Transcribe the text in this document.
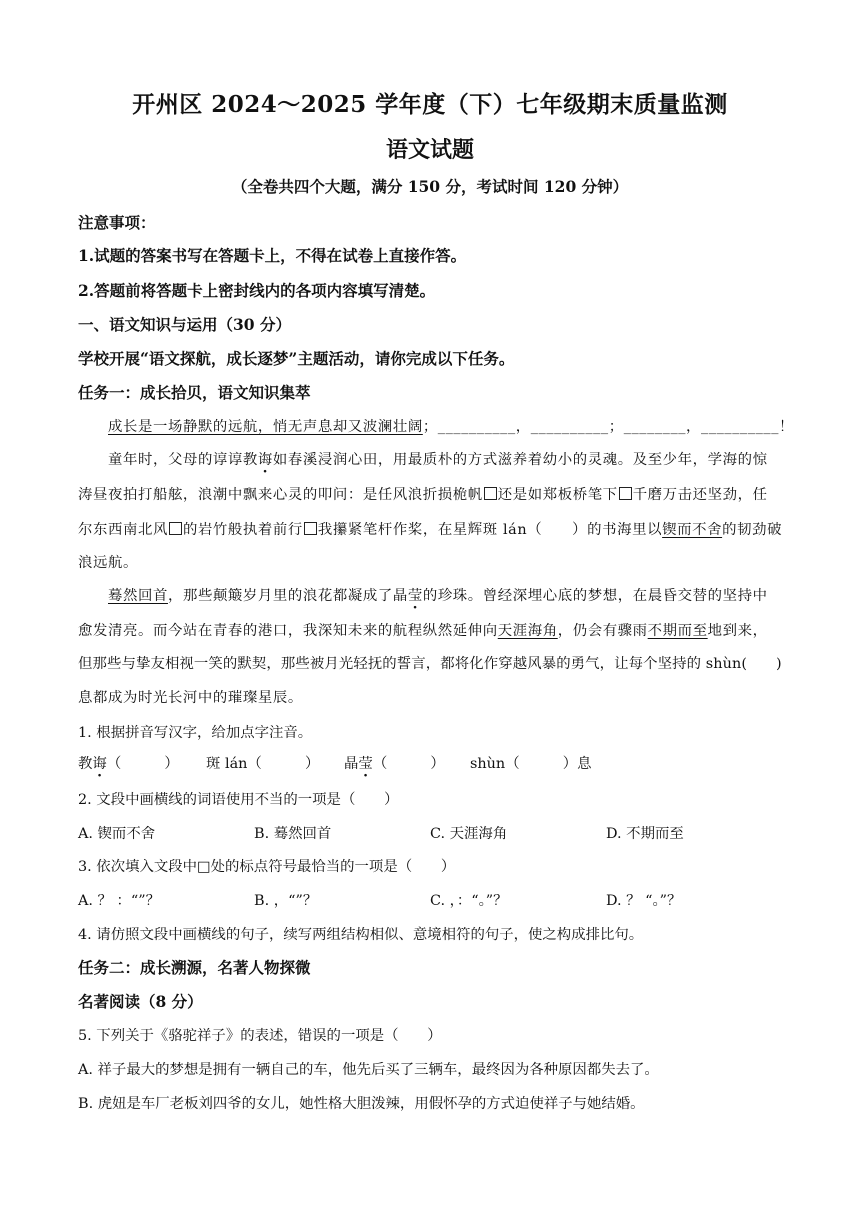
开州区 2024～2025 学年度（下）七年级期末质量监测
语文试题
（全卷共四个大题，满分 150 分，考试时间 120 分钟）
注意事项：
1.试题的答案书写在答题卡上，不得在试卷上直接作答。
2.答题前将答题卡上密封线内的各项内容填写清楚。
一、语文知识与运用（30 分）
学校开展“语文探航，成长逐梦”主题活动，请你完成以下任务。
任务一：成长拾贝，语文知识集萃
成长是一场静默的远航，悄无声息却又波澜壮阔；__________，__________；________，__________！
童年时，父母的谆谆教诲如春溪浸润心田，用最质朴的方式滋养着幼小的灵魂。及至少年，学海的惊
涛昼夜拍打船舷，浪潮中飘来心灵的叩问：是任风浪折损桅帆 还是如郑板桥笔下 千磨万击还坚劲，任
尔东西南北风 的岩竹般执着前行 我攥紧笔杆作桨，在星辉斑 lán（　　）的书海里以锲而不舍的韧劲破
浪远航。
蓦然回首，那些颠簸岁月里的浪花都凝成了晶莹的珍珠。曾经深埋心底的梦想，在晨昏交替的坚持中
愈发清亮。而今站在青春的港口，我深知未来的航程纵然延伸向天涯海角，仍会有骤雨不期而至地到来，
但那些与挚友相视一笑的默契，那些被月光轻抚的誓言，都将化作穿越风暴的勇气，让每个坚持的 shùn(　　)
息都成为时光长河中的璀璨星辰。
1. 根据拼音写汉字，给加点字注音。
教诲（　　　） 斑 lán（　　　） 晶莹（　　　） shùn（　　　）息
2. 文段中画横线的词语使用不当的一项是（　　）
A. 锲而不舍	B. 蓦然回首	C. 天涯海角	D. 不期而至
3. 依次填入文段中□处的标点符号最恰当的一项是（　　）
A. ？ ：“”？	B. ，“”？	C. ，：“。”？	D. ？ “。”？
4. 请仿照文段中画横线的句子，续写两组结构相似、意境相符的句子，使之构成排比句。
任务二：成长溯源，名著人物探微
名著阅读（8 分）
5. 下列关于《骆驼祥子》的表述，错误的一项是（　　）
A. 祥子最大的梦想是拥有一辆自己的车，他先后买了三辆车，最终因为各种原因都失去了。
B. 虎妞是车厂老板刘四爷的女儿，她性格大胆泼辣，用假怀孕的方式迫使祥子与她结婚。
